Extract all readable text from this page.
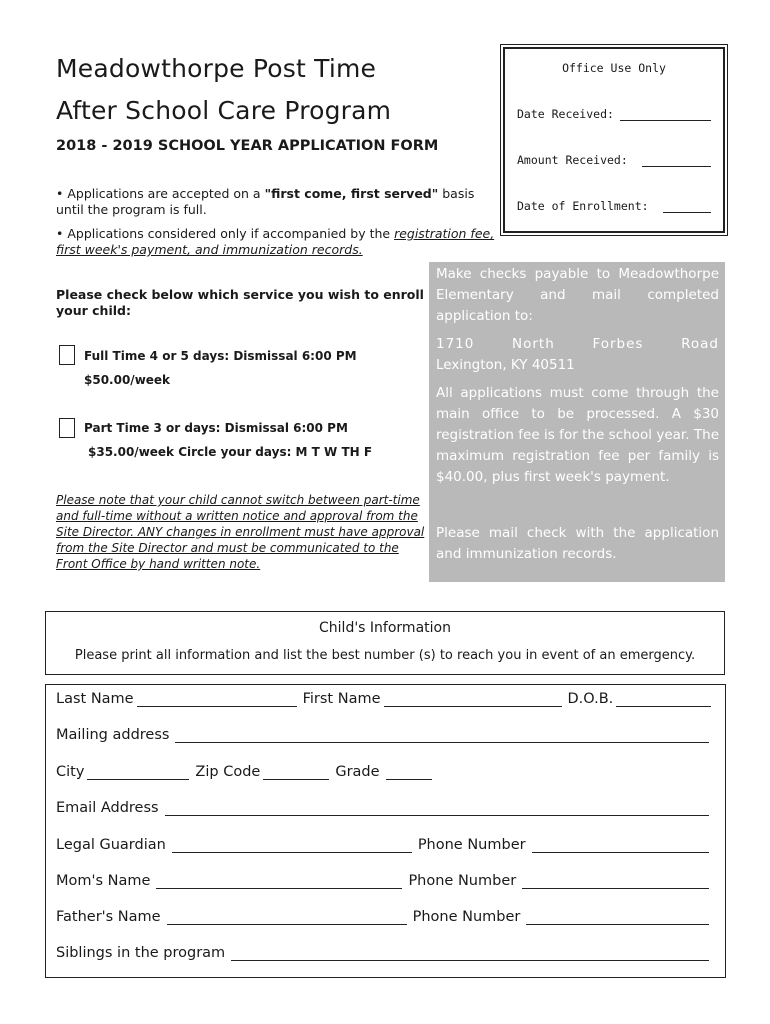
Meadowthorpe Post Time
After School Care Program
2018 - 2019 SCHOOL YEAR APPLICATION FORM
• Applications are accepted on a "first come, first served" basis until the program is full.
• Applications considered only if accompanied by the registration fee, first week's payment, and immunization records.
Office Use Only
Date Received:
Amount Received:
Date of Enrollment:
Please check below which service you wish to enroll your child:
Full Time 4 or 5 days: Dismissal 6:00 PM
$50.00/week
Part Time 3 or days: Dismissal 6:00 PM
$35.00/week Circle your days: M T W TH F
Please note that your child cannot switch between part-time and full-time without a written notice and approval from the Site Director. ANY changes in enrollment must have approval from the Site Director and must be communicated to the Front Office by hand written note.

Make checks payable to Meadowthorpe Elementary and mail completed application to:

1710	North	Forbes	Road
Lexington, KY 40511

All applications must come through the main office to be processed. A $30 registration fee is for the school year. The maximum registration fee per family is $40.00, plus first week's payment.

Please mail check with the application and immunization records.

Child's Information
Please print all information and list the best number (s) to reach you in event of an emergency.
Last Name	First Name	D.O.B.
Mailing address
City	Zip Code	Grade
Email Address
Legal Guardian	Phone Number
Mom's Name	Phone Number
Father's Name	Phone Number
Siblings in the program
